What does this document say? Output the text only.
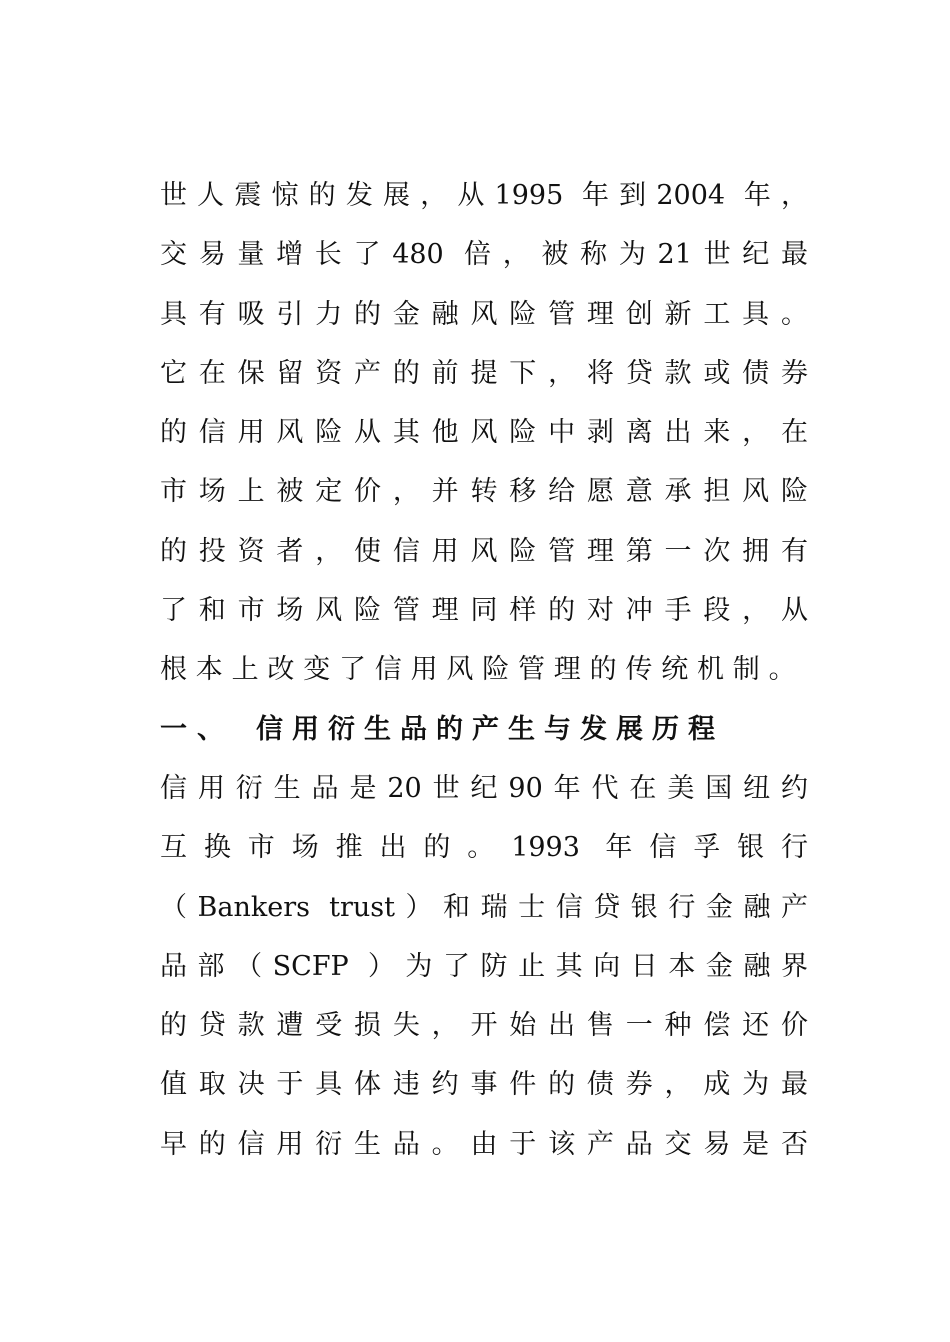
世人震惊的发展，从1995 年到2004 年，
交易量增长了480 倍，被称为21世纪最
具有吸引力的金融风险管理创新工具。
它在保留资产的前提下，将贷款或债券
的信用风险从其他风险中剥离出来，在
市场上被定价，并转移给愿意承担风险
的投资者，使信用风险管理第一次拥有
了和市场风险管理同样的对冲手段，从
根本上改变了信用风险管理的传统机制。
一、 信用衍生品的产生与发展历程
信用衍生品是20世纪90年代在美国纽约
互换市场推出的。1993 年信孚银行
（Bankers trust）和瑞士信贷银行金融产
品部（SCFP ）为了防止其向日本金融界
的贷款遭受损失，开始出售一种偿还价
值取决于具体违约事件的债券，成为最
早的信用衍生品。由于该产品交易是否
